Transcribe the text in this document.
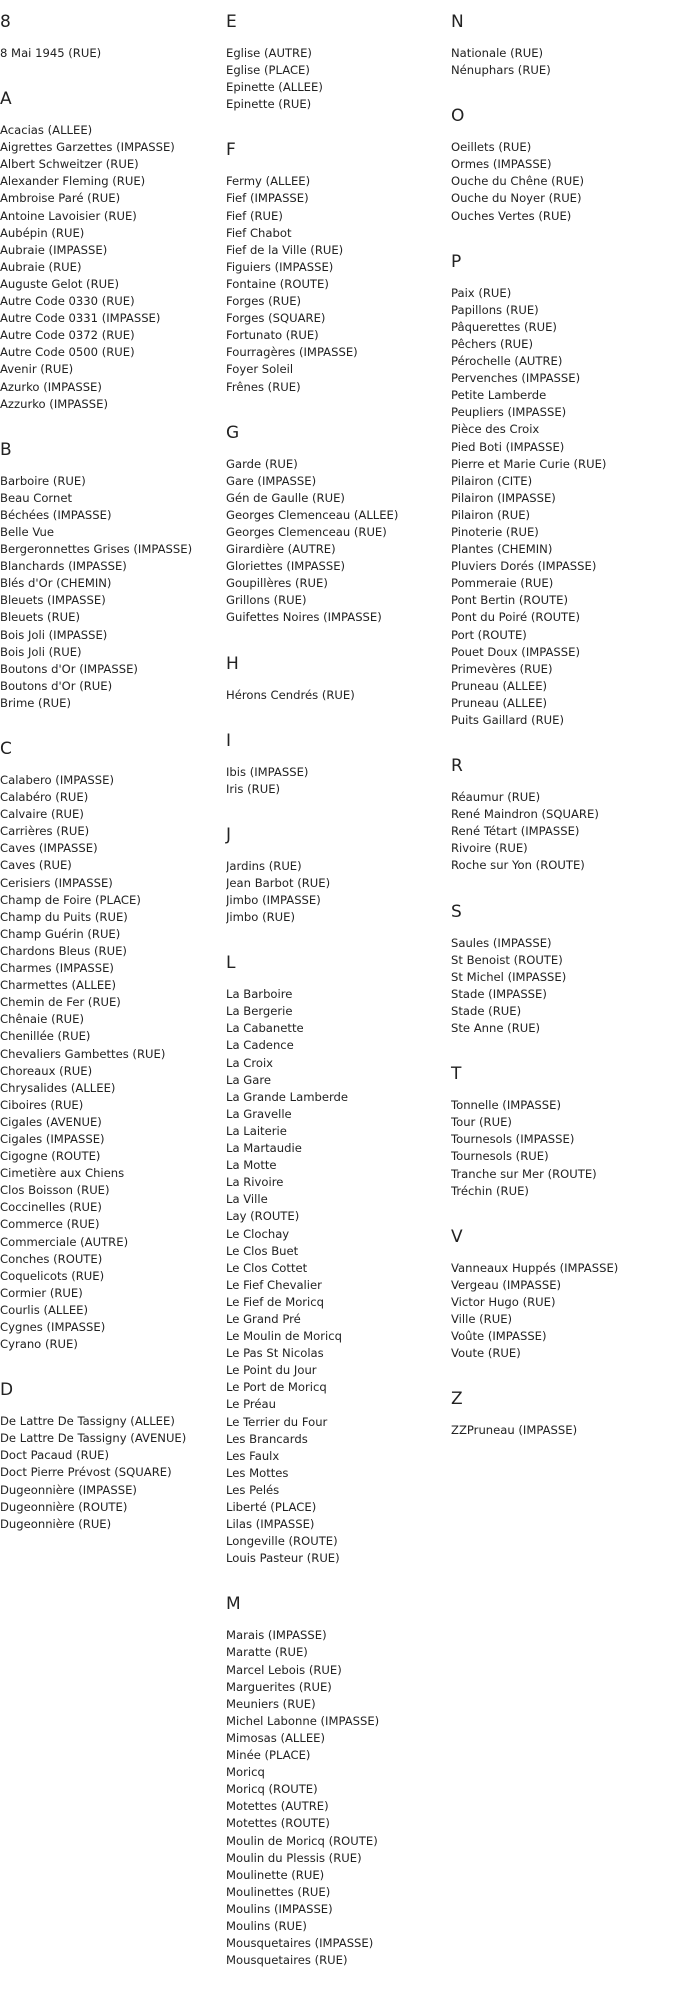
8
8 Mai 1945 (RUE)
A
Acacias (ALLEE)
Aigrettes Garzettes (IMPASSE)
Albert Schweitzer (RUE)
Alexander Fleming (RUE)
Ambroise Paré (RUE)
Antoine Lavoisier (RUE)
Aubépin (RUE)
Aubraie (IMPASSE)
Aubraie (RUE)
Auguste Gelot (RUE)
Autre Code 0330 (RUE)
Autre Code 0331 (IMPASSE)
Autre Code 0372 (RUE)
Autre Code 0500 (RUE)
Avenir (RUE)
Azurko (IMPASSE)
Azzurko (IMPASSE)
B
Barboire (RUE)
Beau Cornet
Béchées (IMPASSE)
Belle Vue
Bergeronnettes Grises (IMPASSE)
Blanchards (IMPASSE)
Blés d'Or (CHEMIN)
Bleuets (IMPASSE)
Bleuets (RUE)
Bois Joli (IMPASSE)
Bois Joli (RUE)
Boutons d'Or (IMPASSE)
Boutons d'Or (RUE)
Brime (RUE)
C
Calabero (IMPASSE)
Calabéro (RUE)
Calvaire (RUE)
Carrières (RUE)
Caves (IMPASSE)
Caves (RUE)
Cerisiers (IMPASSE)
Champ de Foire (PLACE)
Champ du Puits (RUE)
Champ Guérin (RUE)
Chardons Bleus (RUE)
Charmes (IMPASSE)
Charmettes (ALLEE)
Chemin de Fer (RUE)
Chênaie (RUE)
Chenillée (RUE)
Chevaliers Gambettes (RUE)
Choreaux (RUE)
Chrysalides (ALLEE)
Ciboires (RUE)
Cigales (AVENUE)
Cigales (IMPASSE)
Cigogne (ROUTE)
Cimetière aux Chiens
Clos Boisson (RUE)
Coccinelles (RUE)
Commerce (RUE)
Commerciale (AUTRE)
Conches (ROUTE)
Coquelicots (RUE)
Cormier (RUE)
Courlis (ALLEE)
Cygnes (IMPASSE)
Cyrano (RUE)
D
De Lattre De Tassigny (ALLEE)
De Lattre De Tassigny (AVENUE)
Doct Pacaud (RUE)
Doct Pierre Prévost (SQUARE)
Dugeonnière (IMPASSE)
Dugeonnière (ROUTE)
Dugeonnière (RUE)
E
Eglise (AUTRE)
Eglise (PLACE)
Epinette (ALLEE)
Epinette (RUE)
F
Fermy (ALLEE)
Fief (IMPASSE)
Fief (RUE)
Fief Chabot
Fief de la Ville (RUE)
Figuiers (IMPASSE)
Fontaine (ROUTE)
Forges (RUE)
Forges (SQUARE)
Fortunato (RUE)
Fourragères (IMPASSE)
Foyer Soleil
Frênes (RUE)
G
Garde (RUE)
Gare (IMPASSE)
Gén de Gaulle (RUE)
Georges Clemenceau (ALLEE)
Georges Clemenceau (RUE)
Girardière (AUTRE)
Gloriettes (IMPASSE)
Goupillères (RUE)
Grillons (RUE)
Guifettes Noires (IMPASSE)
H
Hérons Cendrés (RUE)
I
Ibis (IMPASSE)
Iris (RUE)
J
Jardins (RUE)
Jean Barbot (RUE)
Jimbo (IMPASSE)
Jimbo (RUE)
L
La Barboire
La Bergerie
La Cabanette
La Cadence
La Croix
La Gare
La Grande Lamberde
La Gravelle
La Laiterie
La Martaudie
La Motte
La Rivoire
La Ville
Lay (ROUTE)
Le Clochay
Le Clos Buet
Le Clos Cottet
Le Fief Chevalier
Le Fief de Moricq
Le Grand Pré
Le Moulin de Moricq
Le Pas St Nicolas
Le Point du Jour
Le Port de Moricq
Le Préau
Le Terrier du Four
Les Brancards
Les Faulx
Les Mottes
Les Pelés
Liberté (PLACE)
Lilas (IMPASSE)
Longeville (ROUTE)
Louis Pasteur (RUE)
M
Marais (IMPASSE)
Maratte (RUE)
Marcel Lebois (RUE)
Marguerites (RUE)
Meuniers (RUE)
Michel Labonne (IMPASSE)
Mimosas (ALLEE)
Minée (PLACE)
Moricq
Moricq (ROUTE)
Motettes (AUTRE)
Motettes (ROUTE)
Moulin de Moricq (ROUTE)
Moulin du Plessis (RUE)
Moulinette (RUE)
Moulinettes (RUE)
Moulins (IMPASSE)
Moulins (RUE)
Mousquetaires (IMPASSE)
Mousquetaires (RUE)
N
Nationale (RUE)
Nénuphars (RUE)
O
Oeillets (RUE)
Ormes (IMPASSE)
Ouche du Chêne (RUE)
Ouche du Noyer (RUE)
Ouches Vertes (RUE)
P
Paix (RUE)
Papillons (RUE)
Pâquerettes (RUE)
Pêchers (RUE)
Pérochelle (AUTRE)
Pervenches (IMPASSE)
Petite Lamberde
Peupliers (IMPASSE)
Pièce des Croix
Pied Boti (IMPASSE)
Pierre et Marie Curie (RUE)
Pilairon (CITE)
Pilairon (IMPASSE)
Pilairon (RUE)
Pinoterie (RUE)
Plantes (CHEMIN)
Pluviers Dorés (IMPASSE)
Pommeraie (RUE)
Pont Bertin (ROUTE)
Pont du Poiré (ROUTE)
Port (ROUTE)
Pouet Doux (IMPASSE)
Primevères (RUE)
Pruneau (ALLEE)
Pruneau (ALLEE)
Puits Gaillard (RUE)
R
Réaumur (RUE)
René Maindron (SQUARE)
René Tétart (IMPASSE)
Rivoire (RUE)
Roche sur Yon (ROUTE)
S
Saules (IMPASSE)
St Benoist (ROUTE)
St Michel (IMPASSE)
Stade (IMPASSE)
Stade (RUE)
Ste Anne (RUE)
T
Tonnelle (IMPASSE)
Tour (RUE)
Tournesols (IMPASSE)
Tournesols (RUE)
Tranche sur Mer (ROUTE)
Tréchin (RUE)
V
Vanneaux Huppés (IMPASSE)
Vergeau (IMPASSE)
Victor Hugo (RUE)
Ville (RUE)
Voûte (IMPASSE)
Voute (RUE)
Z
ZZPruneau (IMPASSE)
